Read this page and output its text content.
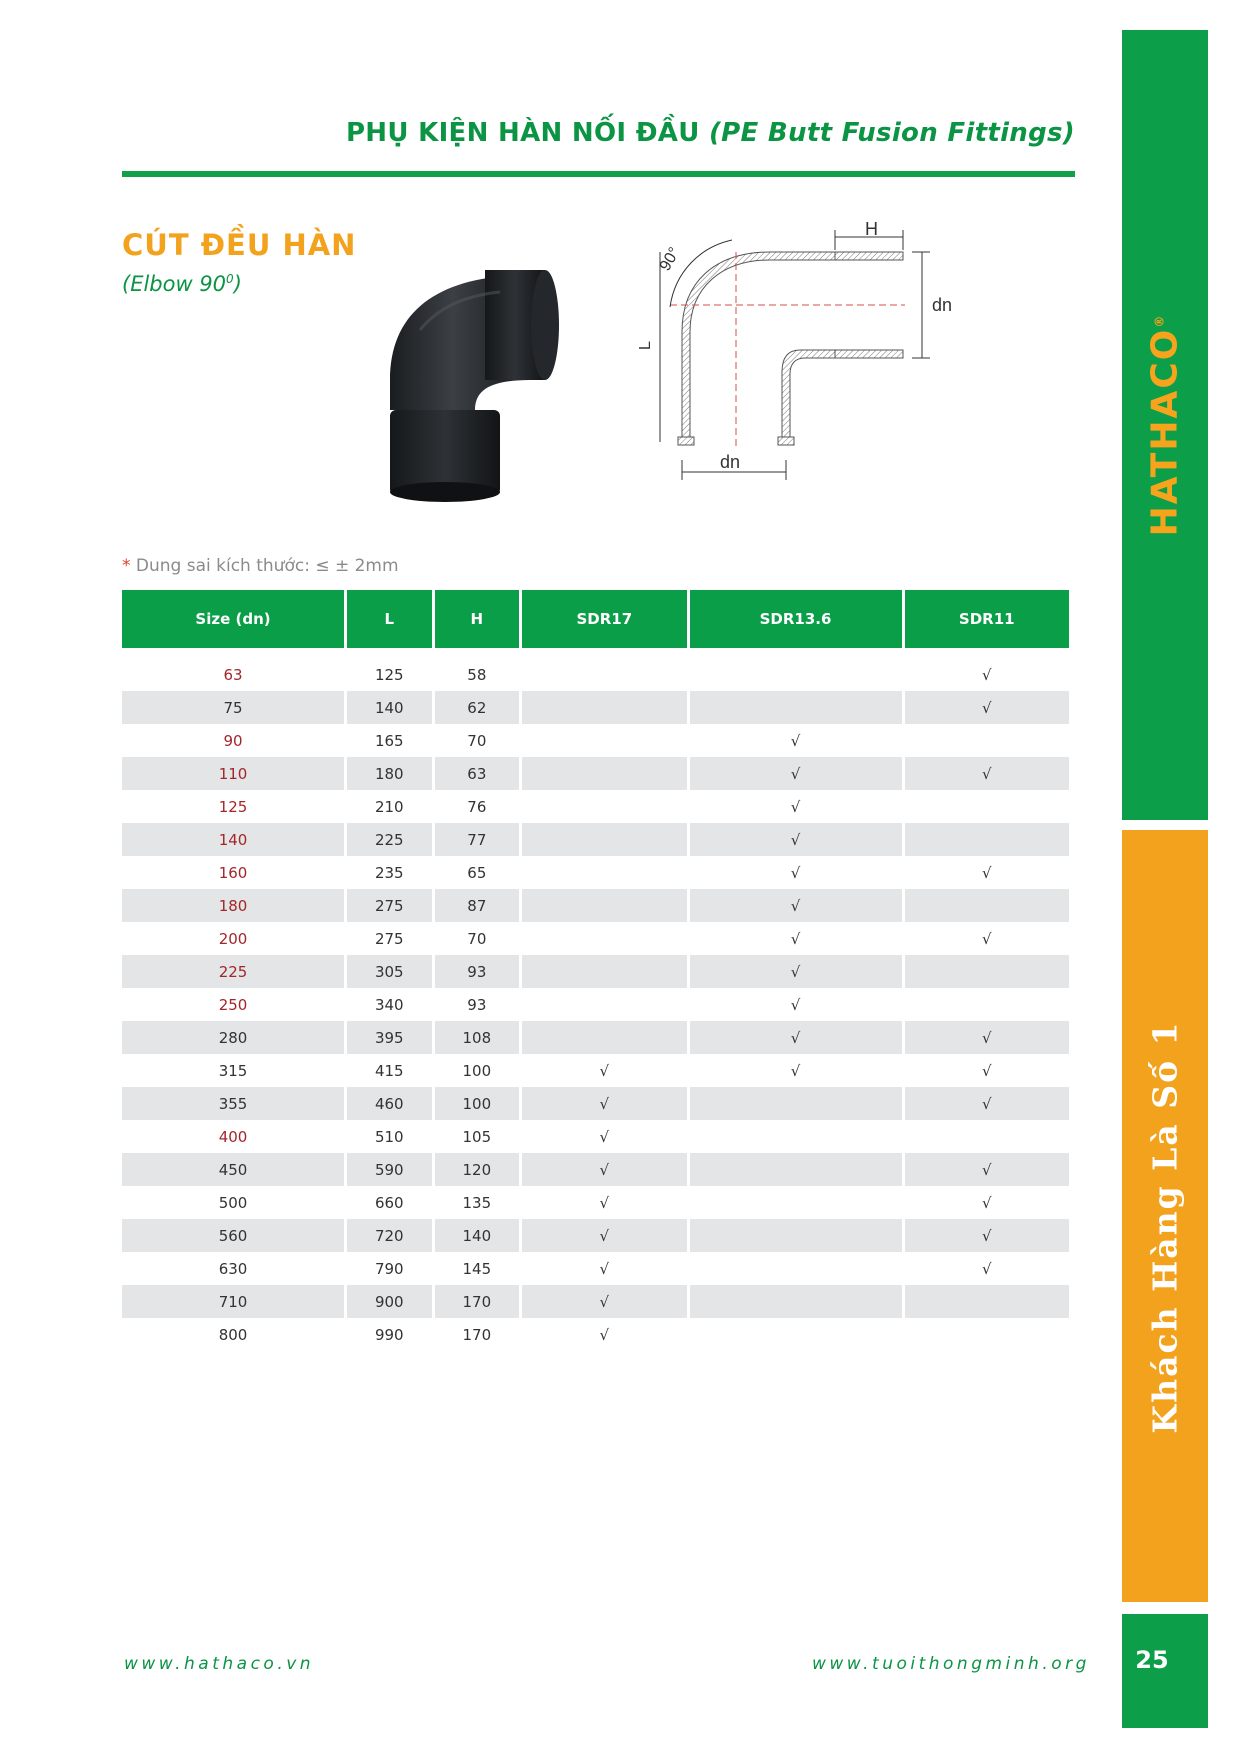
PHỤ KIỆN HÀN NỐI ĐẦU (PE Butt Fusion Fittings)
CÚT ĐỀU HÀN
(Elbow $90^0$)
H
dn
L
dn
90°
* Dung sai kích thước: ≤ ± 2mm
Size (dn)	L	H	SDR17	SDR13.6	SDR11
63	125	58			√
75	140	62			√
90	165	70		√	
110	180	63		√	√
125	210	76		√	
140	225	77		√	
160	235	65		√	√
180	275	87		√	
200	275	70		√	√
225	305	93		√	
250	340	93		√	
280	395	108		√	√
315	415	100	√	√	√
355	460	100	√		√
400	510	105	√		
450	590	120	√		√
500	660	135	√		√
560	720	140	√		√
630	790	145	√		√
710	900	170	√		
800	990	170	√		
www.hathaco.vn	www.tuoithongminh.org
HATHACO®
Khách Hàng Là Số 1
25
